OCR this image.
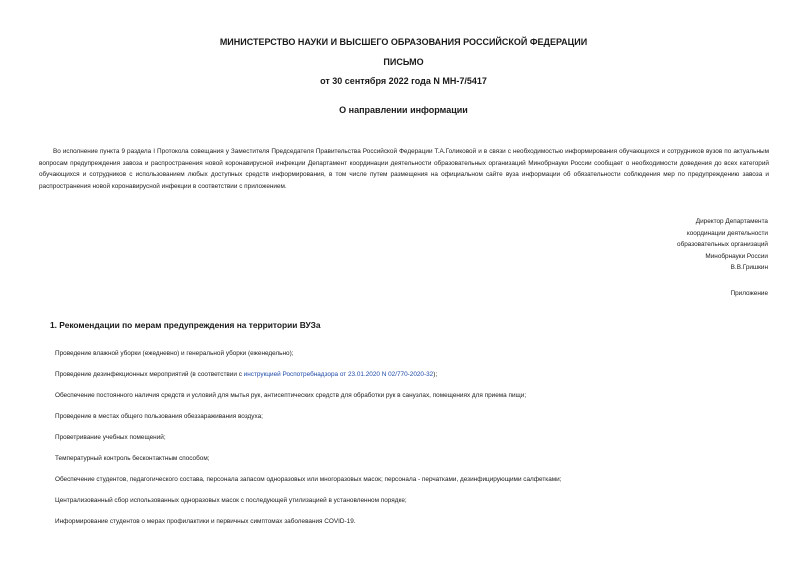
МИНИСТЕРСТВО НАУКИ И ВЫСШЕГО ОБРАЗОВАНИЯ РОССИЙСКОЙ ФЕДЕРАЦИИ
ПИСЬМО
от 30 сентября 2022 года N МН-7/5417
О направлении информации
Во исполнение пункта 9 раздела I Протокола совещания у Заместителя Председателя Правительства Российской Федерации Т.А.Голиковой и в связи с необходимостью информирования обучающихся и сотрудников вузов по актуальным вопросам предупреждения завоза и распространения новой коронавирусной инфекции Департамент координации деятельности образовательных организаций Минобрнауки России сообщает о необходимости доведения до всех категорий обучающихся и сотрудников с использованием любых доступных средств информирования, в том числе путем размещения на официальном сайте вуза информации об обязательности соблюдения мер по предупреждению завоза и распространения новой коронавирусной инфекции в соответствии с приложением.
Директор Департамента
координации деятельности
образовательных организаций
Минобрнауки России
В.В.Гришкин
Приложение
1. Рекомендации по мерам предупреждения на территории ВУЗа
Проведение влажной уборки (ежедневно) и генеральной уборки (еженедельно);
Проведение дезинфекционных мероприятий (в соответствии с инструкцией Роспотребнадзора от 23.01.2020 N 02/770-2020-32);
Обеспечение постоянного наличия средств и условий для мытья рук, антисептических средств для обработки рук в санузлах, помещениях для приема пищи;
Проведение в местах общего пользования обеззараживания воздуха;
Проветривание учебных помещений;
Температурный контроль бесконтактным способом;
Обеспечение студентов, педагогического состава, персонала запасом одноразовых или многоразовых масок; персонала - перчатками, дезинфицирующими салфетками;
Централизованный сбор использованных одноразовых масок с последующей утилизацией в установленном порядке;
Информирование студентов о мерах профилактики и первичных симптомах заболевания COVID-19.
